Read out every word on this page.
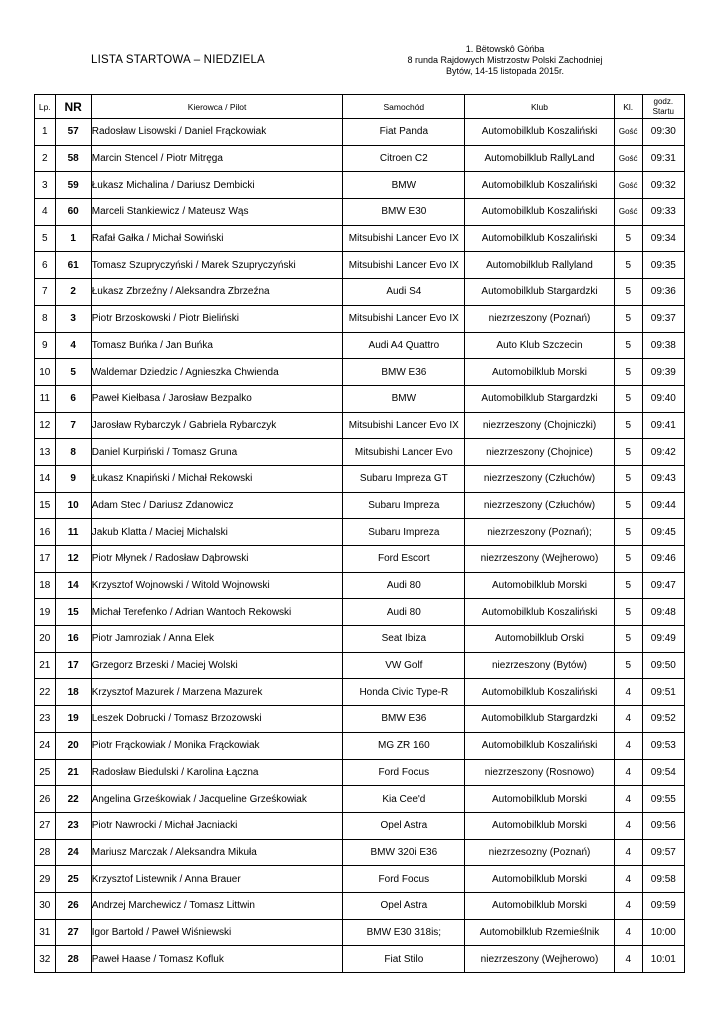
LISTA STARTOWA – NIEDZIELA
1. Bëtowskô Gòńba
8 runda Rajdowych Mistrzostw Polski Zachodniej
Bytów, 14-15 listopada 2015r.
Lp.	NR	Kierowca / Pilot	Samochód	Klub	Kl.	godz.
Startu
1	57	Radosław Lisowski / Daniel Frąckowiak	Fiat Panda	Automobilklub Koszaliński	Gość	09:30
2	58	Marcin Stencel / Piotr Mitręga	Citroen C2	Automobilklub RallyLand	Gość	09:31
3	59	Łukasz Michalina / Dariusz Dembicki	BMW	Automobilklub Koszaliński	Gość	09:32
4	60	Marceli Stankiewicz / Mateusz Wąs	BMW E30	Automobilklub Koszaliński	Gość	09:33
5	1	Rafał Gałka / Michał Sowiński	Mitsubishi Lancer Evo IX	Automobilklub Koszaliński	5	09:34
6	61	Tomasz Szupryczyński / Marek Szupryczyński	Mitsubishi Lancer Evo IX	Automobilklub Rallyland	5	09:35
7	2	Łukasz Zbrzeźny / Aleksandra Zbrzeźna	Audi S4	Automobilklub Stargardzki	5	09:36
8	3	Piotr Brzoskowski / Piotr Bieliński	Mitsubishi Lancer Evo IX	niezrzeszony (Poznań)	5	09:37
9	4	Tomasz Buńka / Jan Buńka	Audi A4 Quattro	Auto Klub Szczecin	5	09:38
10	5	Waldemar Dziedzic / Agnieszka Chwienda	BMW E36	Automobilklub Morski	5	09:39
11	6	Paweł Kiełbasa / Jarosław Bezpalko	BMW	Automobilklub Stargardzki	5	09:40
12	7	Jarosław Rybarczyk / Gabriela Rybarczyk	Mitsubishi Lancer Evo IX	niezrzeszony (Chojniczki)	5	09:41
13	8	Daniel Kurpiński / Tomasz Gruna	Mitsubishi Lancer Evo	niezrzeszony (Chojnice)	5	09:42
14	9	Łukasz Knapiński / Michał Rekowski	Subaru Impreza GT	niezrzeszony (Człuchów)	5	09:43
15	10	Adam Stec / Dariusz Zdanowicz	Subaru Impreza	niezrzeszony (Człuchów)	5	09:44
16	11	Jakub Klatta / Maciej Michalski	Subaru Impreza	niezrzeszony (Poznań);	5	09:45
17	12	Piotr Młynek / Radosław Dąbrowski	Ford Escort	niezrzeszony (Wejherowo)	5	09:46
18	14	Krzysztof Wojnowski / Witold Wojnowski	Audi 80	Automobilklub Morski	5	09:47
19	15	Michał Terefenko / Adrian Wantoch Rekowski	Audi 80	Automobilklub Koszaliński	5	09:48
20	16	Piotr Jamroziak / Anna Elek	Seat Ibiza	Automobilklub Orski	5	09:49
21	17	Grzegorz Brzeski / Maciej Wolski	VW Golf	niezrzeszony (Bytów)	5	09:50
22	18	Krzysztof Mazurek / Marzena Mazurek	Honda Civic Type-R	Automobilklub Koszaliński	4	09:51
23	19	Leszek Dobrucki / Tomasz Brzozowski	BMW E36	Automobilklub Stargardzki	4	09:52
24	20	Piotr Frąckowiak / Monika Frąckowiak	MG ZR 160	Automobilklub Koszaliński	4	09:53
25	21	Radosław Biedulski / Karolina Łączna	Ford Focus	niezrzeszony (Rosnowo)	4	09:54
26	22	Angelina Grześkowiak / Jacqueline Grześkowiak	Kia Cee'd	Automobilklub Morski	4	09:55
27	23	Piotr Nawrocki / Michał Jacniacki	Opel Astra	Automobilklub Morski	4	09:56
28	24	Mariusz Marczak / Aleksandra Mikuła	BMW 320i E36	niezrzesozny (Poznań)	4	09:57
29	25	Krzysztof Listewnik / Anna Brauer	Ford Focus	Automobilklub Morski	4	09:58
30	26	Andrzej Marchewicz / Tomasz Littwin	Opel Astra	Automobilklub Morski	4	09:59
31	27	Igor Bartołd / Paweł Wiśniewski	BMW E30 318is;	Automobilklub Rzemieślnik	4	10:00
32	28	Paweł Haase / Tomasz Kofluk	Fiat Stilo	niezrzeszony (Wejherowo)	4	10:01
